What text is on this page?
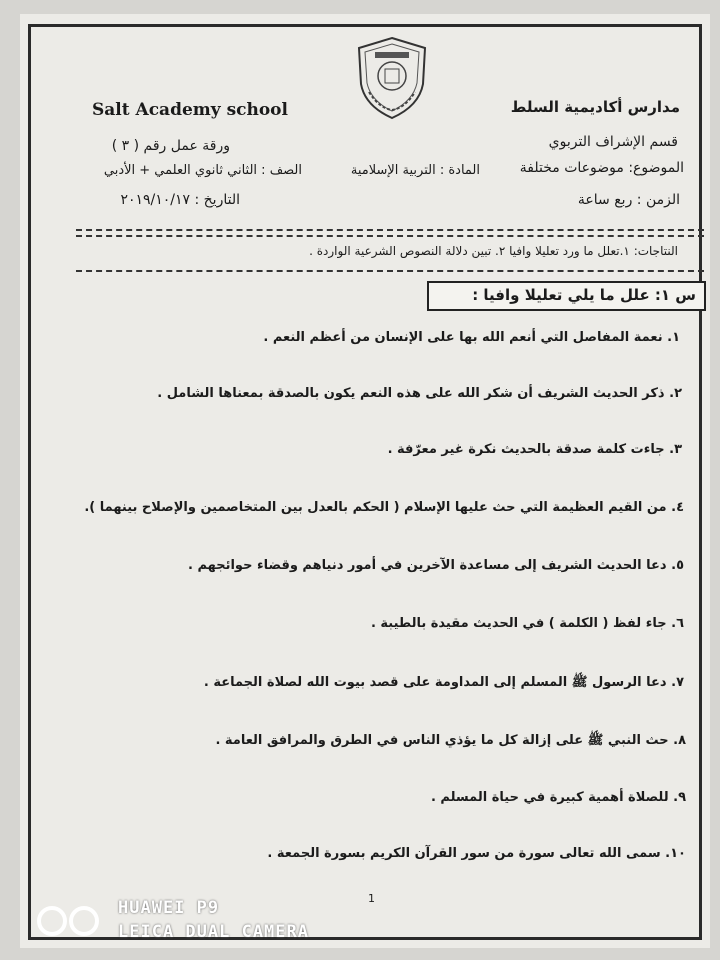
Salt Academy school	مدارس أكاديمية السلط
قسم الإشراف التربوي
ورقة عمل رقم ( ٣ )
الموضوع: موضوعات مختلفة
المادة : التربية الإسلامية
الصف : الثاني ثانوي العلمي + الأدبي
الزمن : ربع ساعة
التاريخ : ٢٠١٩/١٠/١٧
النتاجات: ١.تعلل ما ورد تعليلا وافيا ٢. تبين دلالة النصوص الشرعية الواردة .
س ١: علل ما يلي تعليلا وافيا :
١. نعمة المفاصل التي أنعم الله بها على الإنسان من أعظم النعم .
٢. ذكر الحديث الشريف أن شكر الله على هذه النعم يكون بالصدقة بمعناها الشامل .
٣. جاءت كلمة صدقة بالحديث نكرة غير معرّفة .
٤. من القيم العظيمة التي حث عليها الإسلام ( الحكم بالعدل بين المتخاصمين والإصلاح بينهما ).
٥. دعا الحديث الشريف إلى مساعدة الآخرين في أمور دنياهم وقضاء حوائجهم .
٦. جاء لفظ ( الكلمة ) في الحديث مقيدة بالطيبة .
٧. دعا الرسول ﷺ المسلم إلى المداومة على قصد بيوت الله لصلاة الجماعة .
٨. حث النبي ﷺ على إزالة كل ما يؤذي الناس في الطرق والمرافق العامة .
٩. للصلاة أهمية كبيرة في حياة المسلم .
١٠. سمى الله تعالى سورة من سور القرآن الكريم بسورة الجمعة .
1
HUAWEI P9
LEICA DUAL CAMERA
